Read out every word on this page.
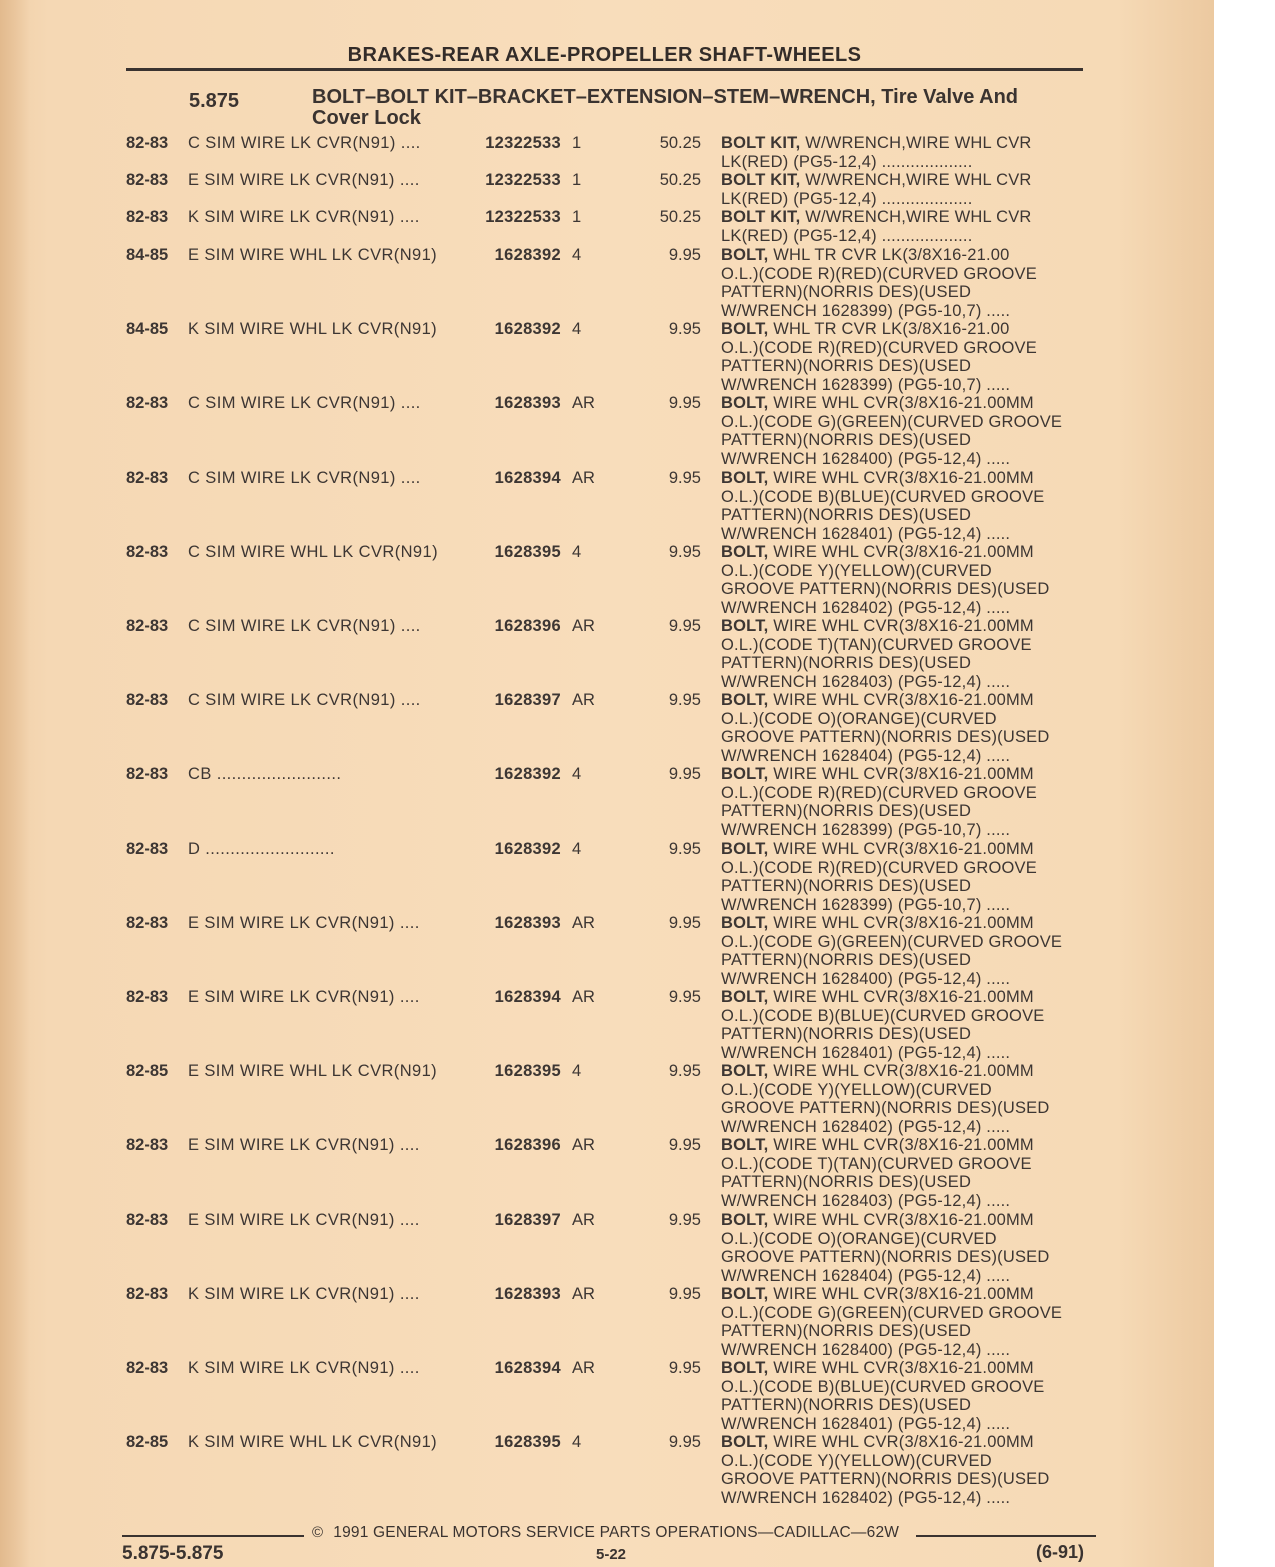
BRAKES-REAR AXLE-PROPELLER SHAFT-WHEELS
5.875	BOLT–BOLT KIT–BRACKET–EXTENSION–STEM–WRENCH, Tire Valve And Cover Lock
82-83 C SIM WIRE LK CVR(N91) ....	12322533 1	50.25 BOLT KIT, W/WRENCH,WIRE WHL CVR
LK(RED) (PG5-12,4) ...................
82-83 E SIM WIRE LK CVR(N91) ....	12322533 1	50.25 BOLT KIT, W/WRENCH,WIRE WHL CVR
LK(RED) (PG5-12,4) ...................
82-83 K SIM WIRE LK CVR(N91) ....	12322533 1	50.25 BOLT KIT, W/WRENCH,WIRE WHL CVR
LK(RED) (PG5-12,4) ...................
84-85 E SIM WIRE WHL LK CVR(N91)	1628392 4	9.95 BOLT, WHL TR CVR LK(3/8X16-21.00
O.L.)(CODE R)(RED)(CURVED GROOVE
PATTERN)(NORRIS DES)(USED
W/WRENCH 1628399) (PG5-10,7) .....
84-85 K SIM WIRE WHL LK CVR(N91)	1628392 4	9.95 BOLT, WHL TR CVR LK(3/8X16-21.00
O.L.)(CODE R)(RED)(CURVED GROOVE
PATTERN)(NORRIS DES)(USED
W/WRENCH 1628399) (PG5-10,7) .....
82-83 C SIM WIRE LK CVR(N91) ....	1628393 AR	9.95 BOLT, WIRE WHL CVR(3/8X16-21.00MM
O.L.)(CODE G)(GREEN)(CURVED GROOVE
PATTERN)(NORRIS DES)(USED
W/WRENCH 1628400) (PG5-12,4) .....
82-83 C SIM WIRE LK CVR(N91) ....	1628394 AR	9.95 BOLT, WIRE WHL CVR(3/8X16-21.00MM
O.L.)(CODE B)(BLUE)(CURVED GROOVE
PATTERN)(NORRIS DES)(USED
W/WRENCH 1628401) (PG5-12,4) .....
82-83 C SIM WIRE WHL LK CVR(N91)	1628395 4	9.95 BOLT, WIRE WHL CVR(3/8X16-21.00MM
O.L.)(CODE Y)(YELLOW)(CURVED
GROOVE PATTERN)(NORRIS DES)(USED
W/WRENCH 1628402) (PG5-12,4) .....
82-83 C SIM WIRE LK CVR(N91) ....	1628396 AR	9.95 BOLT, WIRE WHL CVR(3/8X16-21.00MM
O.L.)(CODE T)(TAN)(CURVED GROOVE
PATTERN)(NORRIS DES)(USED
W/WRENCH 1628403) (PG5-12,4) .....
82-83 C SIM WIRE LK CVR(N91) ....	1628397 AR	9.95 BOLT, WIRE WHL CVR(3/8X16-21.00MM
O.L.)(CODE O)(ORANGE)(CURVED
GROOVE PATTERN)(NORRIS DES)(USED
W/WRENCH 1628404) (PG5-12,4) .....
82-83 CB .........................	1628392 4	9.95 BOLT, WIRE WHL CVR(3/8X16-21.00MM
O.L.)(CODE R)(RED)(CURVED GROOVE
PATTERN)(NORRIS DES)(USED
W/WRENCH 1628399) (PG5-10,7) .....
82-83 D ..........................	1628392 4	9.95 BOLT, WIRE WHL CVR(3/8X16-21.00MM
O.L.)(CODE R)(RED)(CURVED GROOVE
PATTERN)(NORRIS DES)(USED
W/WRENCH 1628399) (PG5-10,7) .....
82-83 E SIM WIRE LK CVR(N91) ....	1628393 AR	9.95 BOLT, WIRE WHL CVR(3/8X16-21.00MM
O.L.)(CODE G)(GREEN)(CURVED GROOVE
PATTERN)(NORRIS DES)(USED
W/WRENCH 1628400) (PG5-12,4) .....
82-83 E SIM WIRE LK CVR(N91) ....	1628394 AR	9.95 BOLT, WIRE WHL CVR(3/8X16-21.00MM
O.L.)(CODE B)(BLUE)(CURVED GROOVE
PATTERN)(NORRIS DES)(USED
W/WRENCH 1628401) (PG5-12,4) .....
82-85 E SIM WIRE WHL LK CVR(N91)	1628395 4	9.95 BOLT, WIRE WHL CVR(3/8X16-21.00MM
O.L.)(CODE Y)(YELLOW)(CURVED
GROOVE PATTERN)(NORRIS DES)(USED
W/WRENCH 1628402) (PG5-12,4) .....
82-83 E SIM WIRE LK CVR(N91) ....	1628396 AR	9.95 BOLT, WIRE WHL CVR(3/8X16-21.00MM
O.L.)(CODE T)(TAN)(CURVED GROOVE
PATTERN)(NORRIS DES)(USED
W/WRENCH 1628403) (PG5-12,4) .....
82-83 E SIM WIRE LK CVR(N91) ....	1628397 AR	9.95 BOLT, WIRE WHL CVR(3/8X16-21.00MM
O.L.)(CODE O)(ORANGE)(CURVED
GROOVE PATTERN)(NORRIS DES)(USED
W/WRENCH 1628404) (PG5-12,4) .....
82-83 K SIM WIRE LK CVR(N91) ....	1628393 AR	9.95 BOLT, WIRE WHL CVR(3/8X16-21.00MM
O.L.)(CODE G)(GREEN)(CURVED GROOVE
PATTERN)(NORRIS DES)(USED
W/WRENCH 1628400) (PG5-12,4) .....
82-83 K SIM WIRE LK CVR(N91) ....	1628394 AR	9.95 BOLT, WIRE WHL CVR(3/8X16-21.00MM
O.L.)(CODE B)(BLUE)(CURVED GROOVE
PATTERN)(NORRIS DES)(USED
W/WRENCH 1628401) (PG5-12,4) .....
82-85 K SIM WIRE WHL LK CVR(N91)	1628395 4	9.95 BOLT, WIRE WHL CVR(3/8X16-21.00MM
O.L.)(CODE Y)(YELLOW)(CURVED
GROOVE PATTERN)(NORRIS DES)(USED
W/WRENCH 1628402) (PG5-12,4) .....
© 1991 GENERAL MOTORS SERVICE PARTS OPERATIONS—CADILLAC—62W
5.875-5.875	5-22	(6-91)
